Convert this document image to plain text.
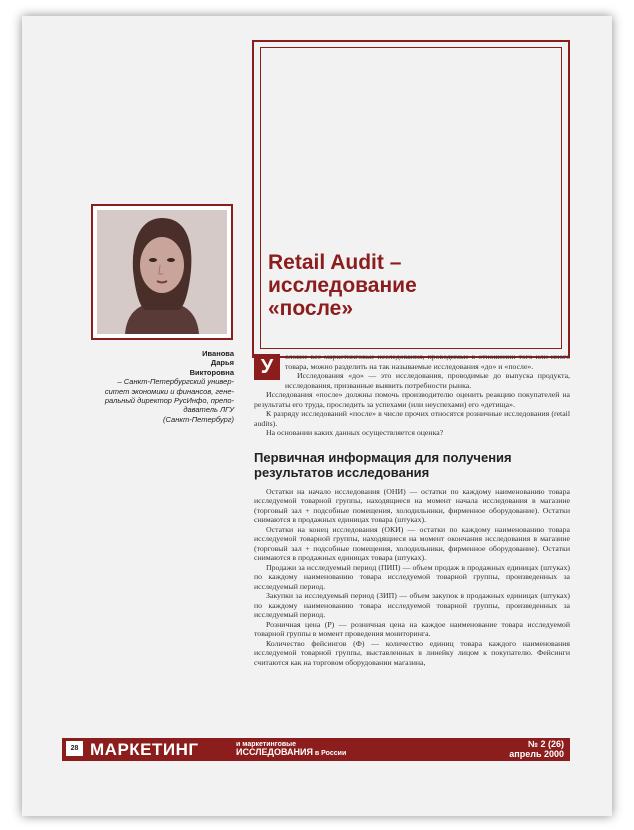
Retail Audit –
исследование
«после»
Иванова
Дарья
Викторовна
– Санкт-Петербургский универ-
ситет экономики и финансов, гене-
ральный директор РусИнфо, препо-
даватель ЛГУ
(Санкт-Петербург)
У	словие все маркетинговые исследования, проводимые в отношении того или иного товара, можно разделить на так называемые исследования «до» и «после».

Исследования «до» — это исследования, проводимые до выпуска продукта, исследования, призванные выявить потребности рынка.

Исследования «после» должны помочь производителю оценить реакцию покупателей на результаты его труда, проследить за успехами (или неуспехами) его «детища».

К разряду исследований «после» в числе прочих относятся розничные исследования (retail audits).

На основании каких данных осуществляется оценка?

Первичная информация для получения результатов исследования

Остатки на начало исследования (ОНИ) — остатки по каждому наименованию товара исследуемой товарной группы, находящиеся на момент начала исследования в магазине (торговый зал + подсобные помещения, холодильники, фирменное оборудование). Остатки снимаются в продажных единицах товара (штуках).

Остатки на конец исследования (ОКИ) — остатки по каждому наименованию товара исследуемой товарной группы, находящиеся на момент окончания исследования в магазине (торговый зал + подсобные помещения, холодильники, фирменное оборудование). Остатки снимаются в продажных единицах товара (штуках).

Продажи за исследуемый период (ПИП) — объем продаж в продажных единицах (штуках) по каждому наименованию товара исследуемой товарной группы, произведенных за исследуемый период.

Закупки за исследуемый период (ЗИП) — объем закупок в продажных единицах (штуках) по каждому наименованию товара исследуемой товарной группы, произведенных за исследуемый период.

Розничная цена (Р) — розничная цена на каждое наименование товара исследуемой товарной группы в момент проведения мониторинга.

Количество фейсингов (Ф) — количество единиц товара каждого наименования исследуемой товарной группы, выставленных в линейку лицом к покупателю. Фейсинги считаются как на торговом оборудовании магазина,

28 МАРКЕТИНГ	и маркетинговые
ИССЛЕДОВАНИЯ в России
№ 2 (26)
апрель 2000
